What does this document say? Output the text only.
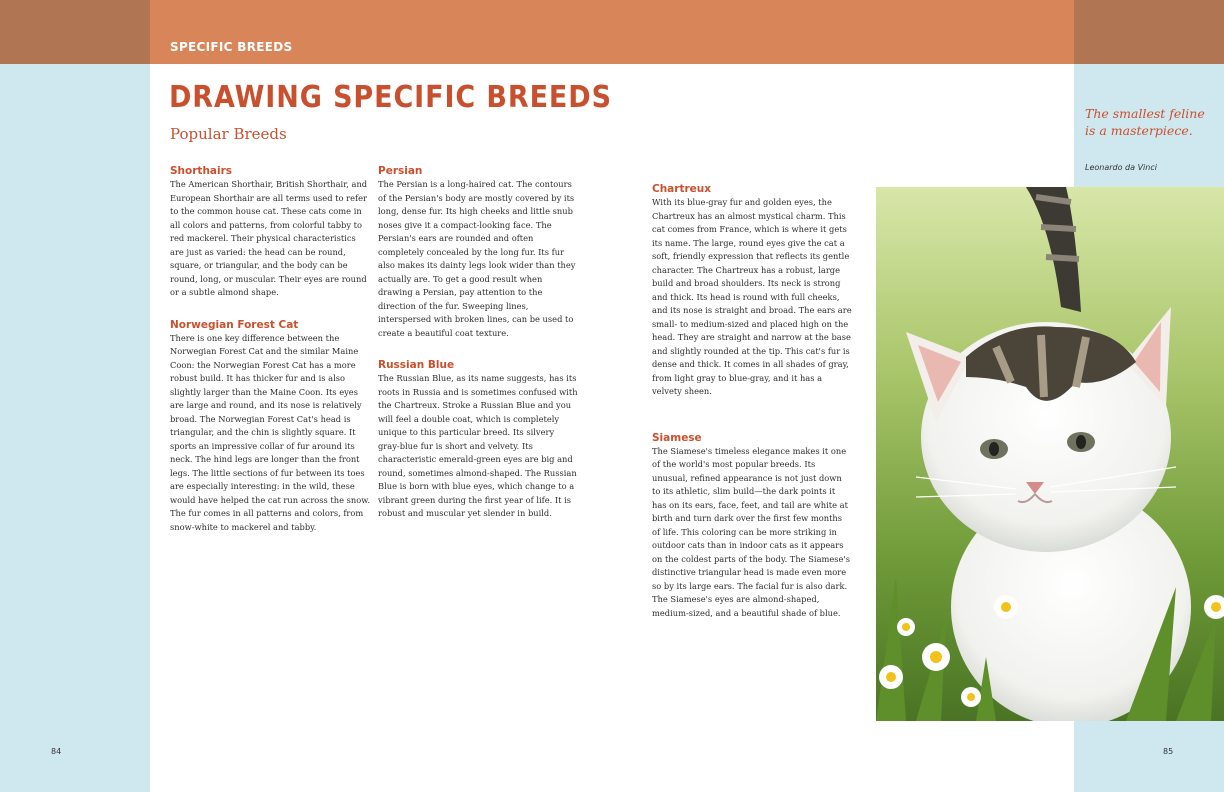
SPECIFIC BREEDS
DRAWING SPECIFIC BREEDS
Popular Breeds
Shorthairs

The American Shorthair, British Shorthair, and European Shorthair are all terms used to refer to the common house cat. These cats come in all colors and patterns, from colorful tabby to red mackerel. Their physical characteristics are just as varied: the head can be round, square, or triangular, and the body can be round, long, or muscular. Their eyes are round or a subtle almond shape.

Norwegian Forest Cat

There is one key difference between the Norwegian Forest Cat and the similar Maine Coon: the Norwegian Forest Cat has a more robust build. It has thicker fur and is also slightly larger than the Maine Coon. Its eyes are large and round, and its nose is relatively broad. The Norwegian Forest Cat's head is triangular, and the chin is slightly square. It sports an impressive collar of fur around its neck. The hind legs are longer than the front legs. The little sections of fur between its toes are especially interesting: in the wild, these would have helped the cat run across the snow. The fur comes in all patterns and colors, from snow-white to mackerel and tabby.

Persian

The Persian is a long-haired cat. The contours of the Persian's body are mostly covered by its long, dense fur. Its high cheeks and little snub noses give it a compact-looking face. The Persian's ears are rounded and often completely concealed by the long fur. Its fur also makes its dainty legs look wider than they actually are. To get a good result when drawing a Persian, pay attention to the direction of the fur. Sweeping lines, interspersed with broken lines, can be used to create a beautiful coat texture.

Russian Blue

The Russian Blue, as its name suggests, has its roots in Russia and is sometimes confused with the Chartreux. Stroke a Russian Blue and you will feel a double coat, which is completely unique to this particular breed. Its silvery gray-blue fur is short and velvety. Its characteristic emerald-green eyes are big and round, sometimes almond-shaped. The Russian Blue is born with blue eyes, which change to a vibrant green during the first year of life. It is robust and muscular yet slender in build.

Chartreux

With its blue-gray fur and golden eyes, the Chartreux has an almost mystical charm. This cat comes from France, which is where it gets its name. The large, round eyes give the cat a soft, friendly expression that reflects its gentle character. The Chartreux has a robust, large build and broad shoulders. Its neck is strong and thick. Its head is round with full cheeks, and its nose is straight and broad. The ears are small- to medium-sized and placed high on the head. They are straight and narrow at the base and slightly rounded at the tip. This cat's fur is dense and thick. It comes in all shades of gray, from light gray to blue-gray, and it has a velvety sheen.

Siamese

The Siamese's timeless elegance makes it one of the world's most popular breeds. Its unusual, refined appearance is not just down to its athletic, slim build—the dark points it has on its ears, face, feet, and tail are white at birth and turn dark over the first few months of life. This coloring can be more striking in outdoor cats than in indoor cats as it appears on the coldest parts of the body. The Siamese's distinctive triangular head is made even more so by its large ears. The facial fur is also dark. The Siamese's eyes are almond-shaped, medium-sized, and a beautiful shade of blue.

The smallest feline is a masterpiece.

Leonardo da Vinci

84	85
